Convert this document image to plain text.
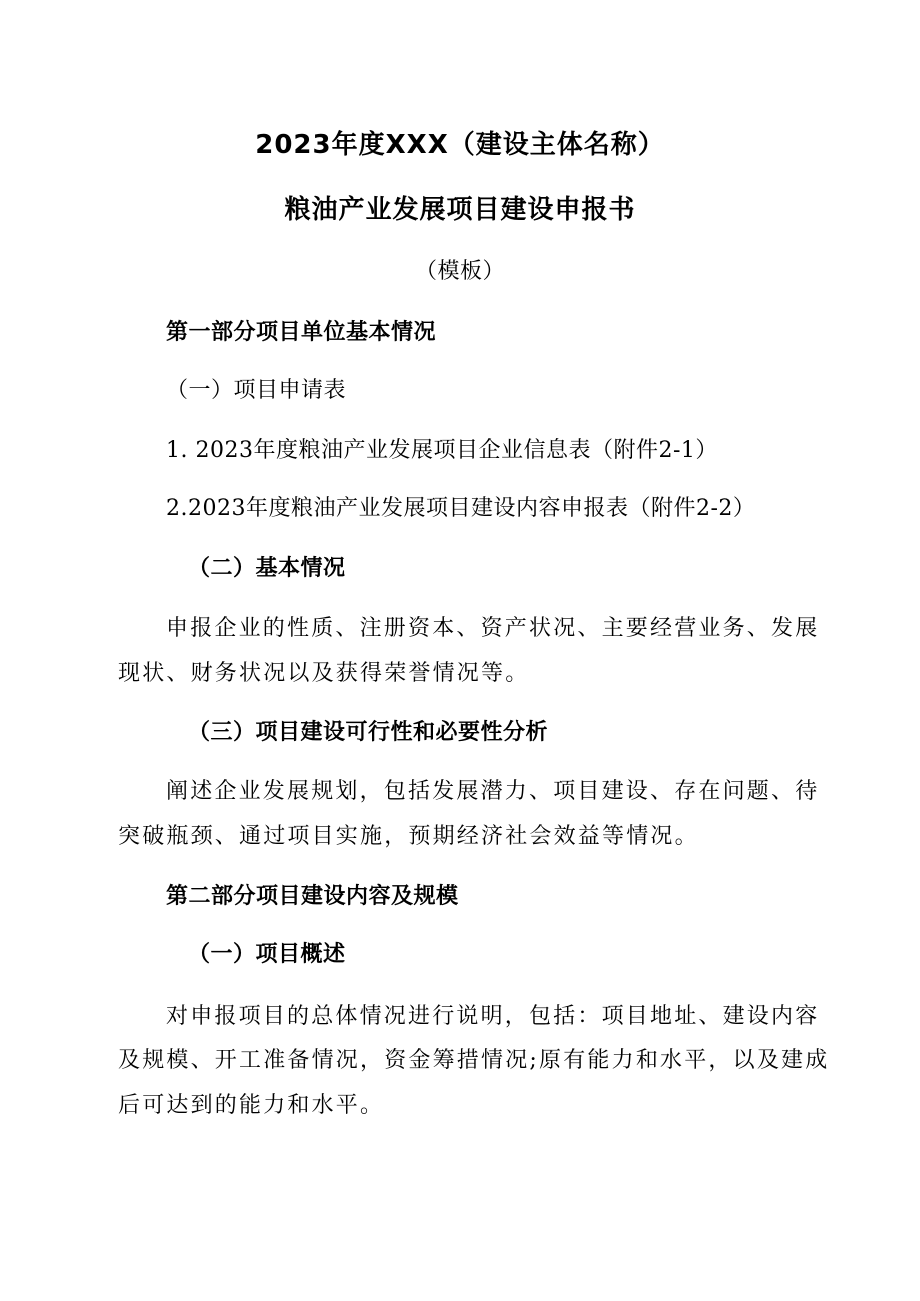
2023年度XXX（建设主体名称）
粮油产业发展项目建设申报书
（模板）
第一部分项目单位基本情况
（一）项目申请表
1. 2023年度粮油产业发展项目企业信息表（附件2-1）
2.2023年度粮油产业发展项目建设内容申报表（附件2-2）
（二）基本情况
申报企业的性质、注册资本、资产状况、主要经营业务、发展
现状、财务状况以及获得荣誉情况等。
（三）项目建设可行性和必要性分析
阐述企业发展规划，包括发展潜力、项目建设、存在问题、待
突破瓶颈、通过项目实施，预期经济社会效益等情况。
第二部分项目建设内容及规模
（一）项目概述
对申报项目的总体情况进行说明，包括：项目地址、建设内容
及规模、开工准备情况，资金筹措情况;原有能力和水平，以及建成
后可达到的能力和水平。
